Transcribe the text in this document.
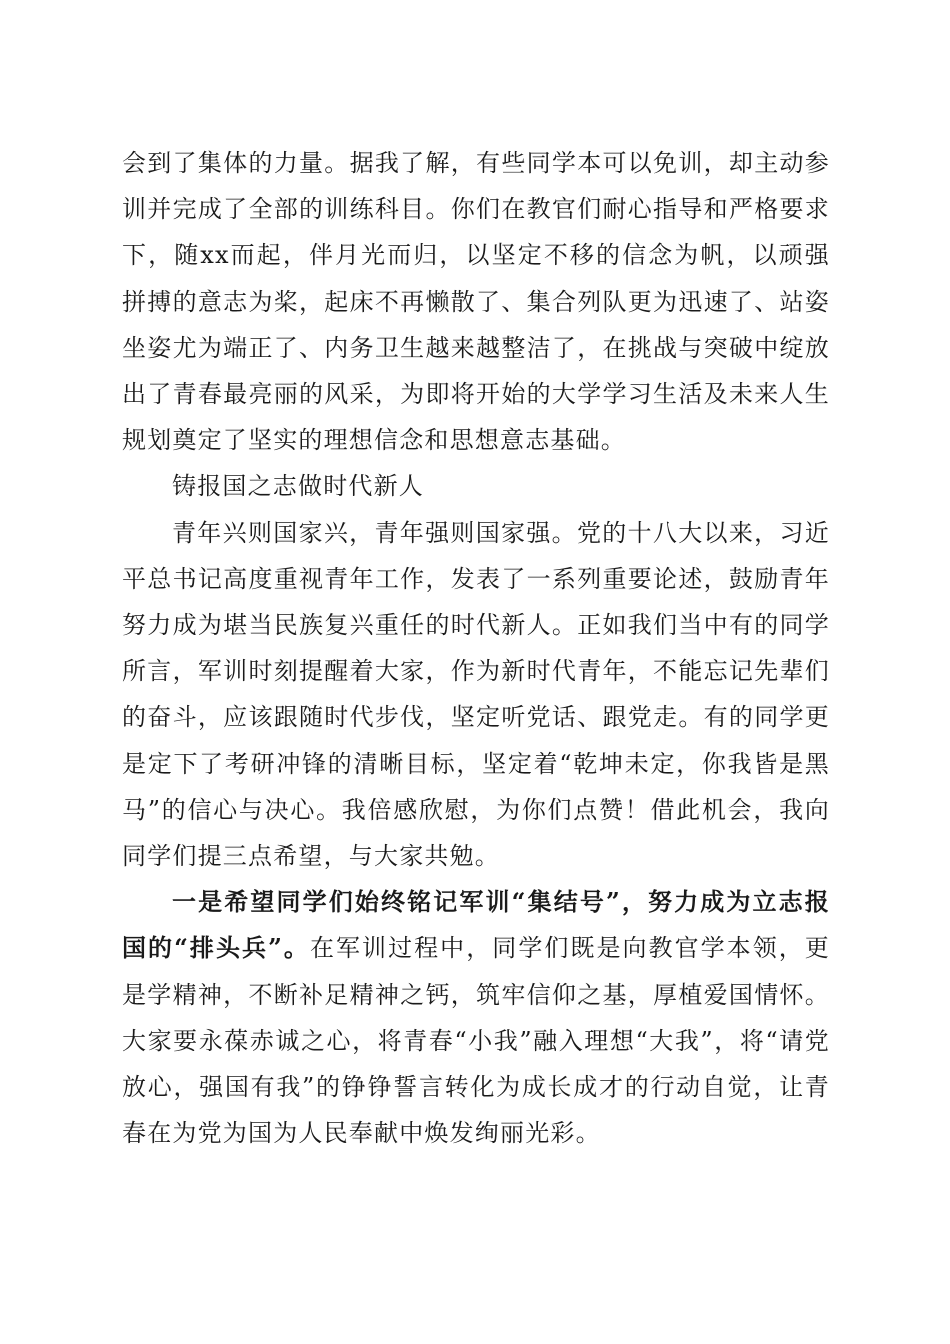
会到了集体的力量。据我了解，有些同学本可以免训，却主动参训并完成了全部的训练科目。你们在教官们耐心指导和严格要求下，随xx而起，伴月光而归，以坚定不移的信念为帆，以顽强拼搏的意志为桨，起床不再懒散了、集合列队更为迅速了、站姿坐姿尤为端正了、内务卫生越来越整洁了，在挑战与突破中绽放出了青春最亮丽的风采，为即将开始的大学学习生活及未来人生规划奠定了坚实的理想信念和思想意志基础。

铸报国之志做时代新人

青年兴则国家兴，青年强则国家强。党的十八大以来，习近平总书记高度重视青年工作，发表了一系列重要论述，鼓励青年努力成为堪当民族复兴重任的时代新人。正如我们当中有的同学所言，军训时刻提醒着大家，作为新时代青年，不能忘记先辈们的奋斗，应该跟随时代步伐，坚定听党话、跟党走。有的同学更是定下了考研冲锋的清晰目标，坚定着“乾坤未定，你我皆是黑马”的信心与决心。我倍感欣慰，为你们点赞！借此机会，我向同学们提三点希望，与大家共勉。

一是希望同学们始终铭记军训“集结号”，努力成为立志报国的“排头兵”。在军训过程中，同学们既是向教官学本领，更是学精神，不断补足精神之钙，筑牢信仰之基，厚植爱国情怀。大家要永葆赤诚之心，将青春“小我”融入理想“大我”，将“请党放心，强国有我”的铮铮誓言转化为成长成才的行动自觉，让青春在为党为国为人民奉献中焕发绚丽光彩。
